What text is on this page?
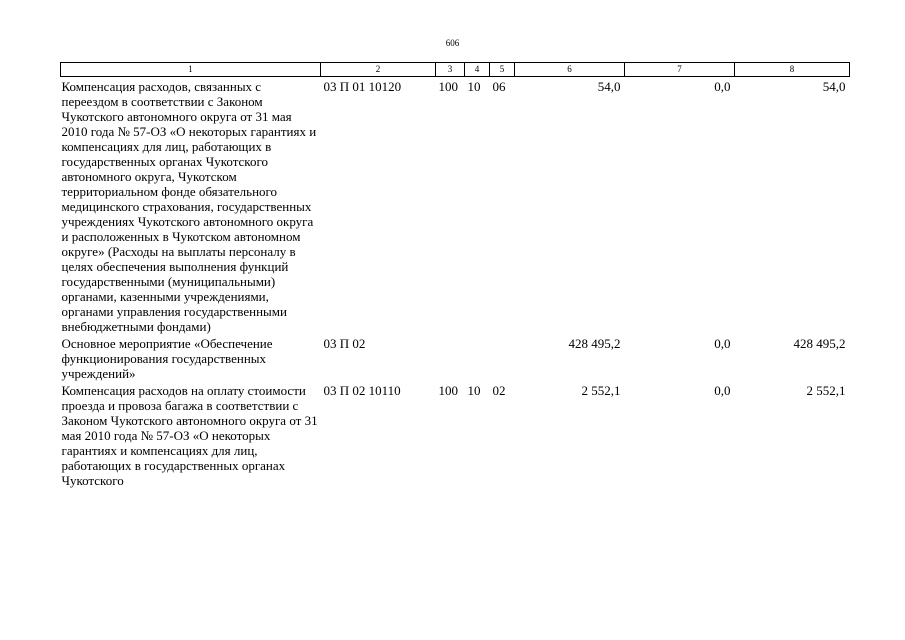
606
1	2	3	4	5	6	7	8
Компенсация расходов, связанных с переездом в соответствии с Законом Чукотского автономного округа от 31 мая 2010 года № 57-ОЗ «О некоторых гарантиях и компенсациях для лиц, работающих в государственных органах Чукотского автономного округа, Чукотском территориальном фонде обязательного медицинского страхования, государственных учреждениях Чукотского автономного округа и расположенных в Чукотском автономном округе» (Расходы на выплаты персоналу в целях обеспечения выполнения функций государственными (муниципальными) органами, казенными учреждениями, органами управления государственными внебюджетными фондами)	03 П 01 10120	100	10	06	54,0	0,0	54,0
Основное мероприятие «Обеспечение функционирования государственных учреждений»	03 П 02				428 495,2	0,0	428 495,2
Компенсация расходов на оплату стоимости проезда и провоза багажа в соответствии с Законом Чукотского автономного округа от 31 мая 2010 года № 57-ОЗ «О некоторых гарантиях и компенсациях для лиц, работающих в государственных органах Чукотского	03 П 02 10110	100	10	02	2 552,1	0,0	2 552,1
